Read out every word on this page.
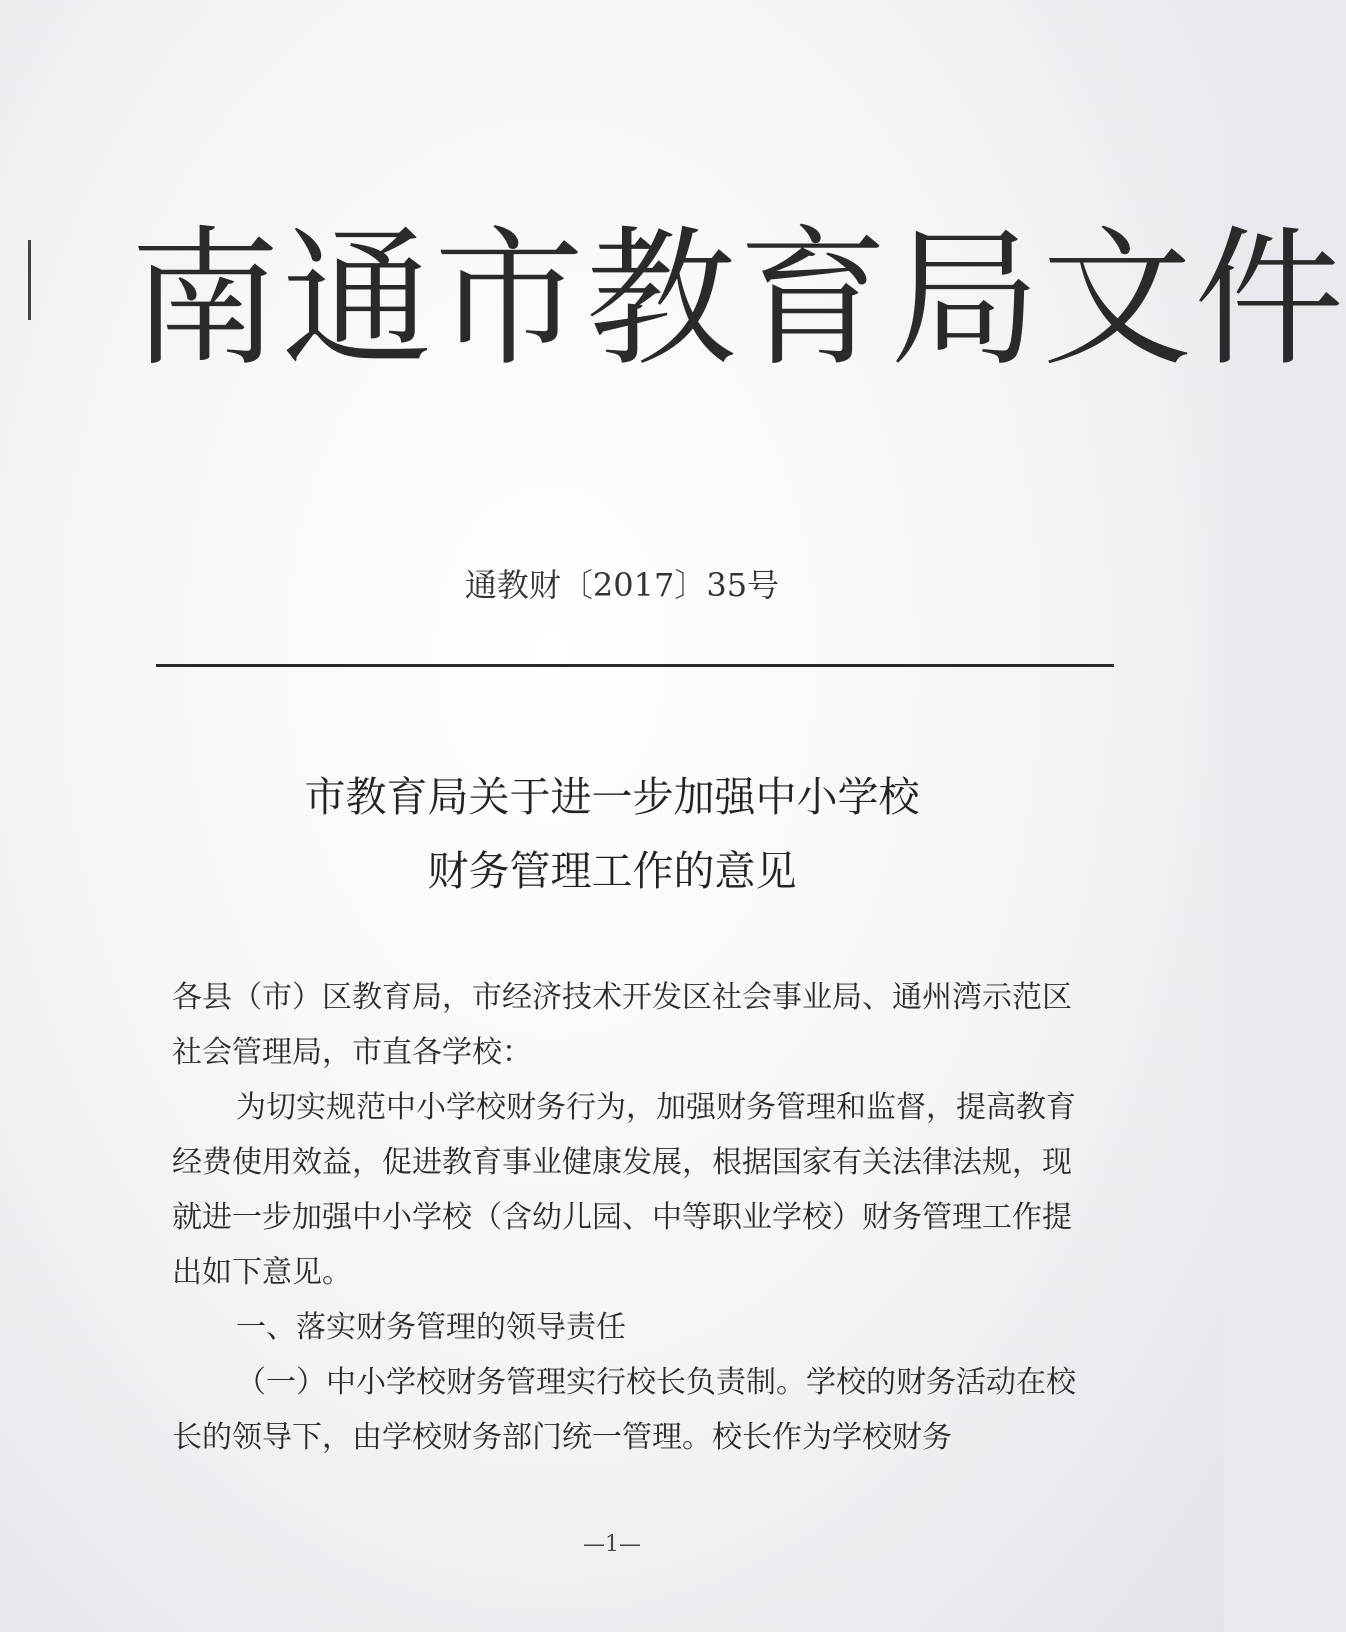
南通市教育局文件
通教财〔2017〕35号
市教育局关于进一步加强中小学校
财务管理工作的意见

各县（市）区教育局，市经济技术开发区社会事业局、通州湾示范区社会管理局，市直各学校：

为切实规范中小学校财务行为，加强财务管理和监督，提高教育经费使用效益，促进教育事业健康发展，根据国家有关法律法规，现就进一步加强中小学校（含幼儿园、中等职业学校）财务管理工作提出如下意见。

一、落实财务管理的领导责任

（一）中小学校财务管理实行校长负责制。学校的财务活动在校长的领导下，由学校财务部门统一管理。校长作为学校财务

—1—
